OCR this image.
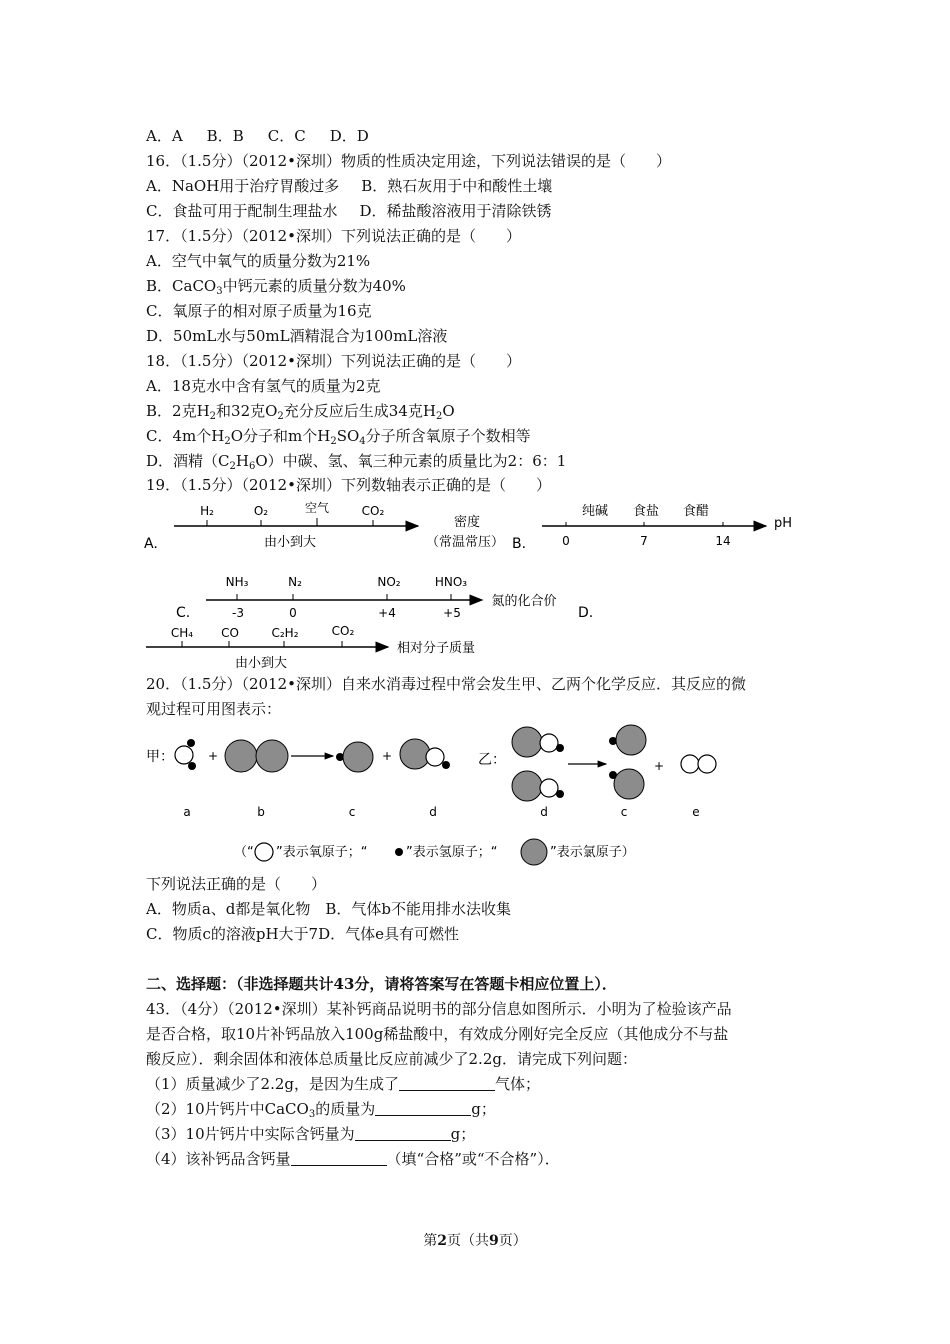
A．A B．B C．C D．D
16．（1.5分）（2012•深圳）物质的性质决定用途，下列说法错误的是（　　）
A．NaOH用于治疗胃酸过多 B．熟石灰用于中和酸性土壤
C．食盐可用于配制生理盐水 D．稀盐酸溶液用于清除铁锈
17．（1.5分）（2012•深圳）下列说法正确的是（　　）
A．空气中氧气的质量分数为21%
B．CaCO$_3$中钙元素的质量分数为40%
C．氧原子的相对原子质量为16克
D．50mL水与50mL酒精混合为100mL溶液
18．（1.5分）（2012•深圳）下列说法正确的是（　　）
A．18克水中含有氢气的质量为2克
B．2克$H_2$和32克$O_2$充分反应后生成34克$H_2O$
C．4m个$H_2O$分子和m个$H_2SO_4$分子所含氧原子个数相等
D．酒精$(C_2H_6O)$中碳、氢、氧三种元素的质量比为2：6：1
19．（1.5分）（2012•深圳）下列数轴表示正确的是（　　）
A.
H₂	O₂	空气	CO₂
由小到大
密度
（常温常压） B.
纯碱 食盐 食醋
0	7	14
pH
C.
NH₃	N₂	NO₂	HNO₃
-3	0	+4	+5
氮的化合价
D.
CH₄ CO	C₂H₂	CO₂
由小到大
相对分子质量
20．（1.5分）（2012•深圳）自来水消毒过程中常会发生甲、乙两个化学反应．其反应的微
观过程可用图表示：
甲：	乙：
+	+
+
a	b	c	d	d	c	e
（“ ”表示氧原子；“	”表示氢原子；“	”表示氯原子）
下列说法正确的是（　　）
A．物质a、d都是氧化物　B．气体b不能用排水法收集
C．物质c的溶液pH大于7D．气体e具有可燃性
二、选择题：（非选择题共计43分，请将答案写在答题卡相应位置上）．
43．（4分）（2012•深圳）某补钙商品说明书的部分信息如图所示．小明为了检验该产品
是否合格，取10片补钙品放入100g稀盐酸中，有效成分刚好完全反应（其他成分不与盐
酸反应）．剩余固体和液体总质量比反应前减少了2.2g．请完成下列问题：
（1）质量减少了2.2g，是因为生成了	气体；
（2）10片钙片中CaCO$_3$的质量为	g；
（3）10片钙片中实际含钙量为	g；
（4）该补钙品含钙量	（填“合格”或“不合格”）．
第2页（共9页）
